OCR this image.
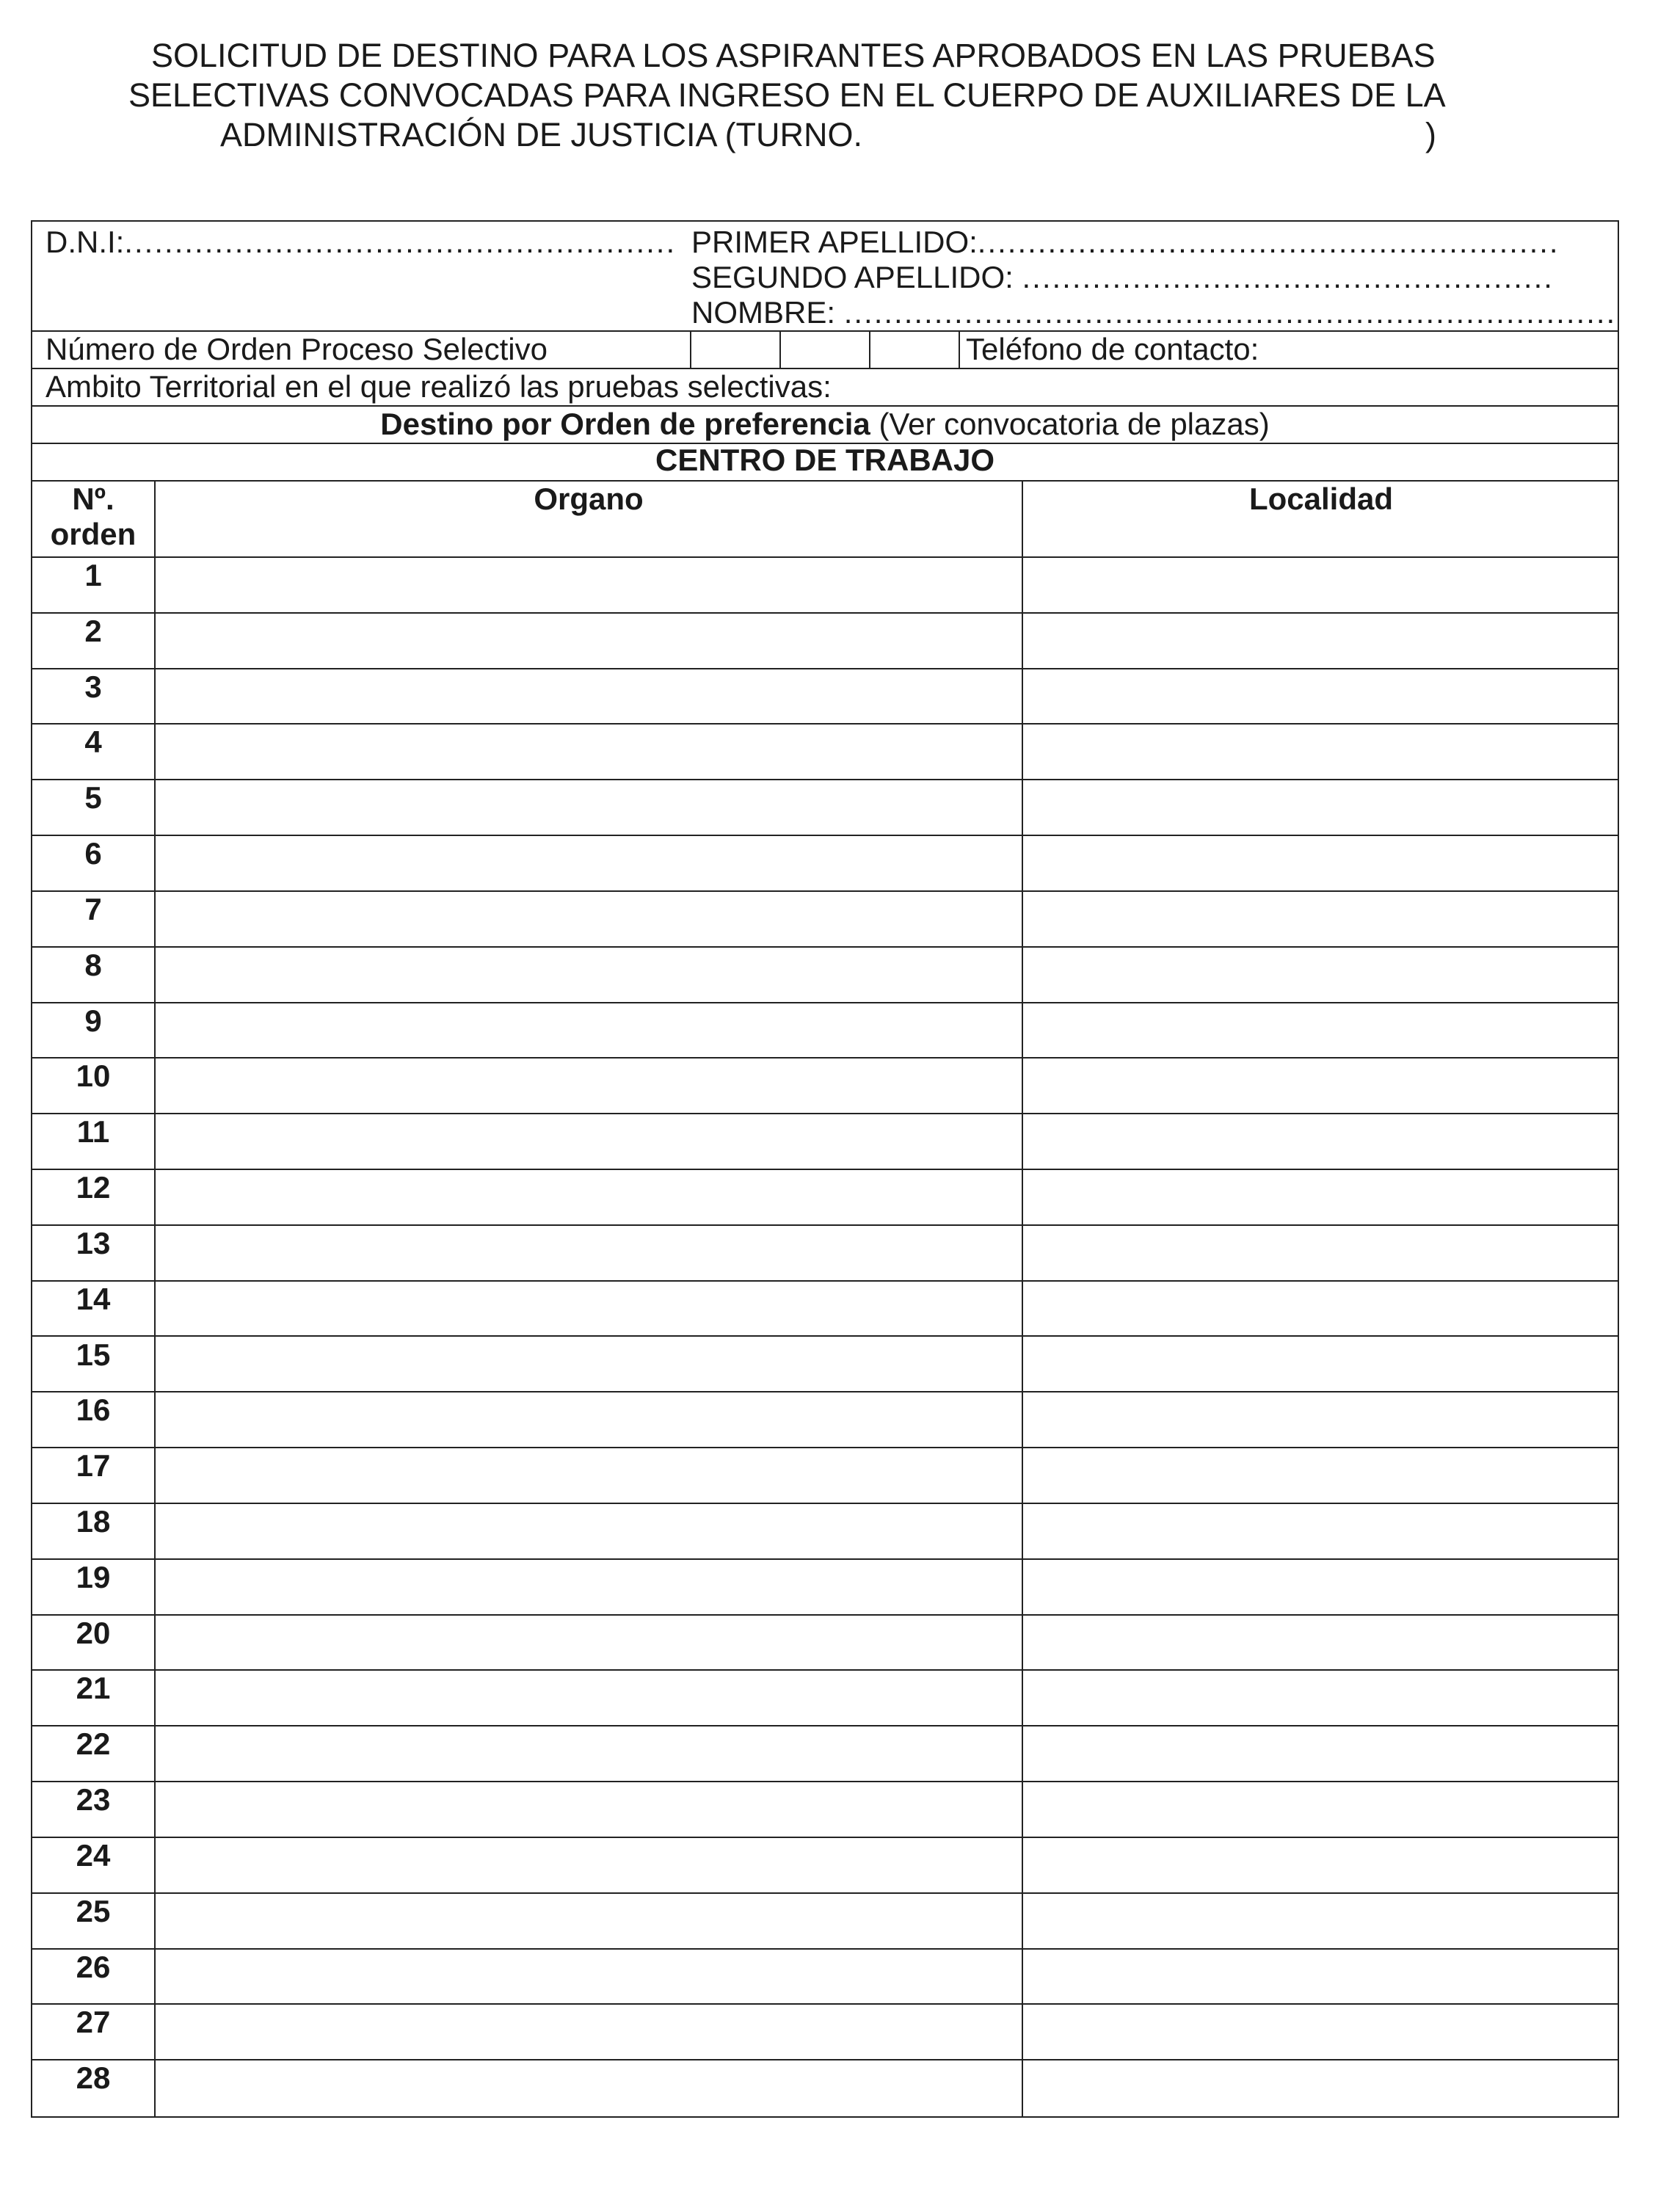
SOLICITUD DE DESTINO PARA LOS ASPIRANTES APROBADOS EN LAS PRUEBAS
SELECTIVAS CONVOCADAS PARA INGRESO EN EL CUERPO DE AUXILIARES DE LA
ADMINISTRACIÓN DE JUSTICIA (TURNO.	)
D.N.I:....................................................... PRIMER APELLIDO:..........................................................
SEGUNDO APELLIDO: .....................................................
NOMBRE: .............................................................................
Número de Orden Proceso Selectivo	Teléfono de contacto:
Ambito Territorial en el que realizó las pruebas selectivas:
Destino por Orden de preferencia (Ver convocatoria de plazas)
CENTRO DE TRABAJO
Nº.
orden
Organo	Localidad
1
2
3
4
5
6
7
8
9
10
11
12
13
14
15
16
17
18
19
20
21
22
23
24
25
26
27
28
